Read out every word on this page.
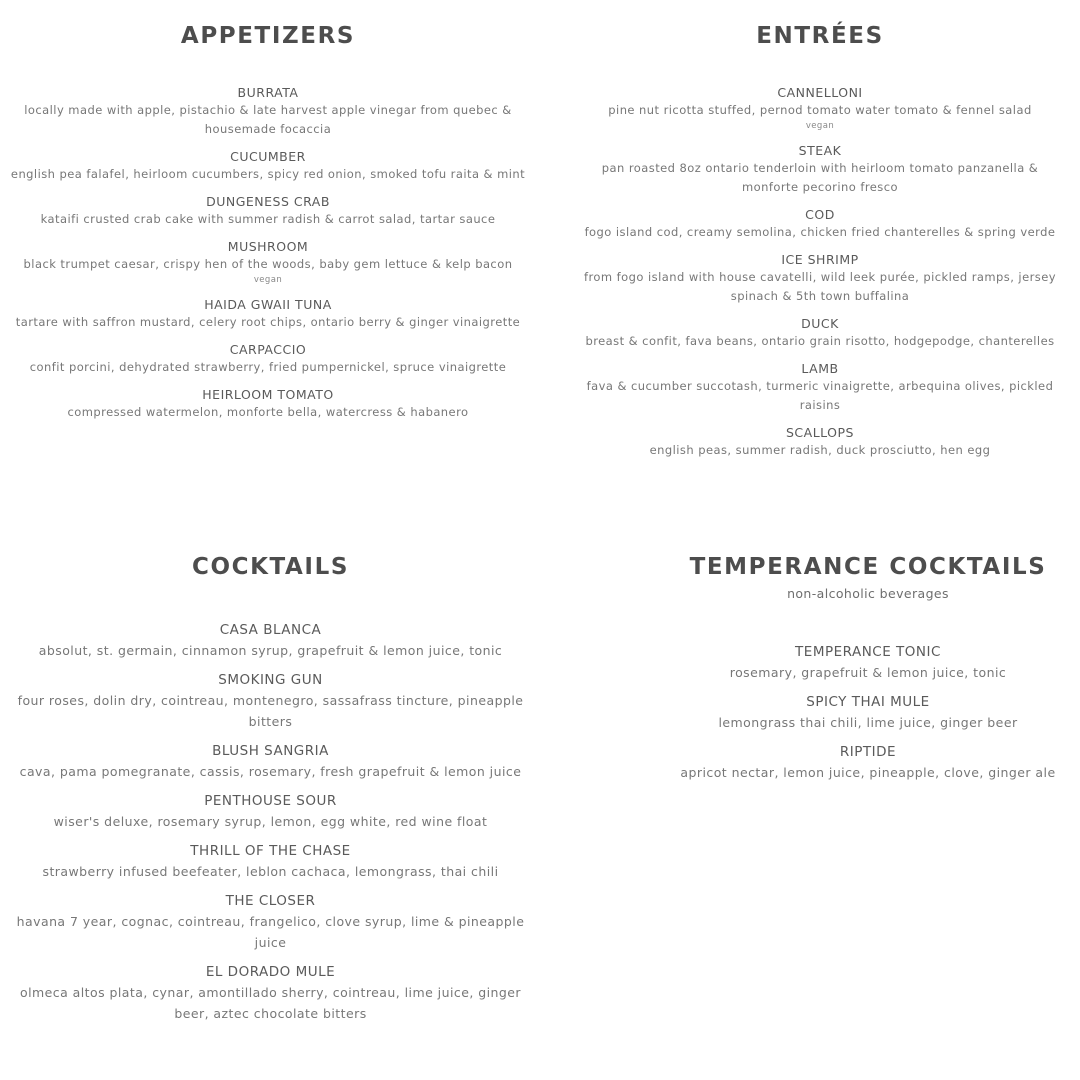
APPETIZERS
BURRATA
locally made with apple, pistachio & late harvest apple vinegar from quebec & housemade focaccia
CUCUMBER
english pea falafel, heirloom cucumbers, spicy red onion, smoked tofu raita & mint
DUNGENESS CRAB
kataifi crusted crab cake with summer radish & carrot salad, tartar sauce
MUSHROOM
black trumpet caesar, crispy hen of the woods, baby gem lettuce & kelp bacon
vegan
HAIDA GWAII TUNA
tartare with saffron mustard, celery root chips, ontario berry & ginger vinaigrette
CARPACCIO
confit porcini, dehydrated strawberry, fried pumpernickel, spruce vinaigrette
HEIRLOOM TOMATO
compressed watermelon, monforte bella, watercress & habanero
ENTRÉES
CANNELLONI
pine nut ricotta stuffed, pernod tomato water tomato & fennel salad
vegan
STEAK
pan roasted 8oz ontario tenderloin with heirloom tomato panzanella & monforte pecorino fresco
COD
fogo island cod, creamy semolina, chicken fried chanterelles & spring verde
ICE SHRIMP
from fogo island with house cavatelli, wild leek purée, pickled ramps, jersey spinach & 5th town buffalina
DUCK
breast & confit, fava beans, ontario grain risotto, hodgepodge, chanterelles
LAMB
fava & cucumber succotash, turmeric vinaigrette, arbequina olives, pickled raisins
SCALLOPS
english peas, summer radish, duck prosciutto, hen egg
COCKTAILS
CASA BLANCA
absolut, st. germain, cinnamon syrup, grapefruit & lemon juice, tonic
SMOKING GUN
four roses, dolin dry, cointreau, montenegro, sassafrass tincture, pineapple bitters
BLUSH SANGRIA
cava, pama pomegranate, cassis, rosemary, fresh grapefruit & lemon juice
PENTHOUSE SOUR
wiser's deluxe, rosemary syrup, lemon, egg white, red wine float
THRILL OF THE CHASE
strawberry infused beefeater, leblon cachaca, lemongrass, thai chili
THE CLOSER
havana 7 year, cognac, cointreau, frangelico, clove syrup, lime & pineapple juice
EL DORADO MULE
olmeca altos plata, cynar, amontillado sherry, cointreau, lime juice, ginger beer, aztec chocolate bitters
TEMPERANCE COCKTAILS
non-alcoholic beverages
TEMPERANCE TONIC
rosemary, grapefruit & lemon juice, tonic
SPICY THAI MULE
lemongrass thai chili, lime juice, ginger beer
RIPTIDE
apricot nectar, lemon juice, pineapple, clove, ginger ale
